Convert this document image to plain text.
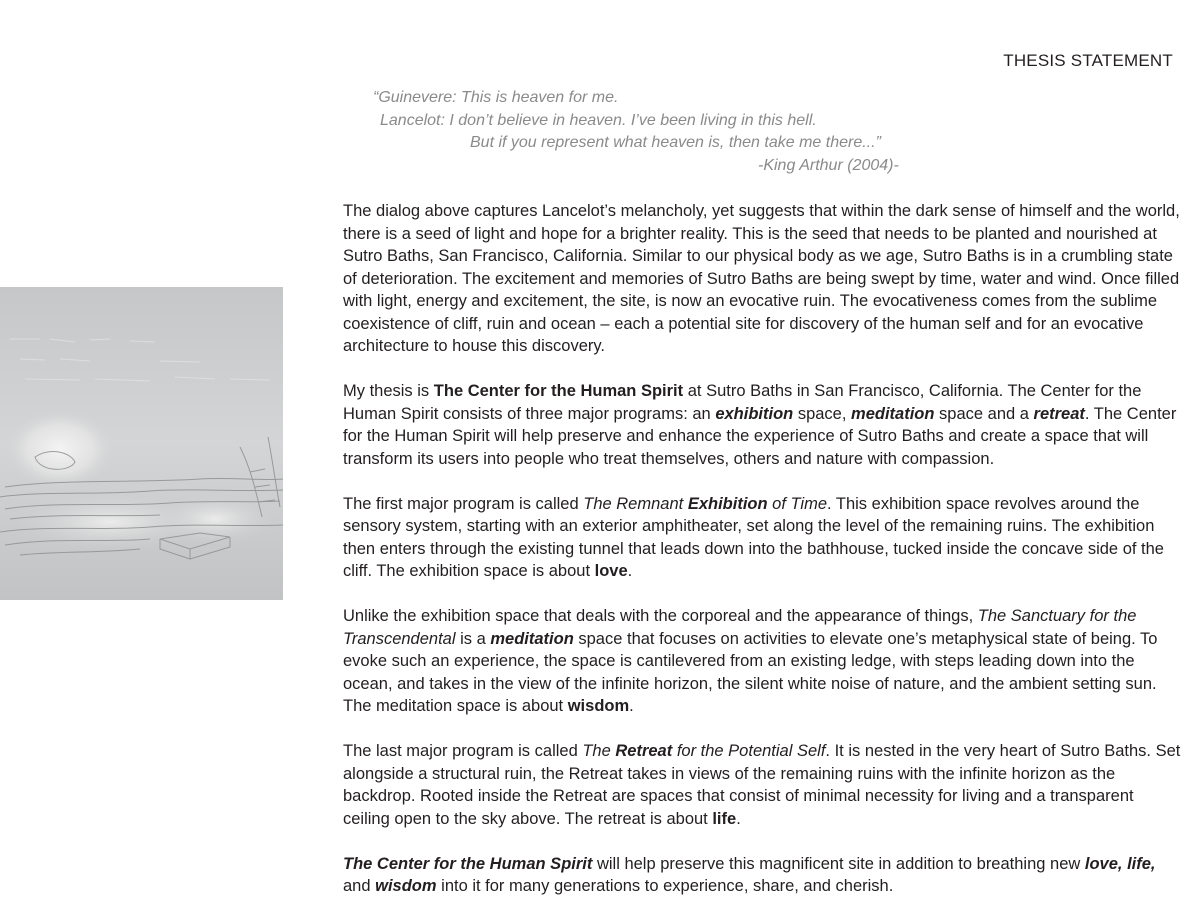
THESIS STATEMENT
“Guinevere: This is heaven for me.
Lancelot: I don’t believe in heaven. I’ve been living in this hell.
But if you represent what heaven is, then take me there...”
-King Arthur (2004)-

The dialog above captures Lancelot’s melancholy, yet suggests that within the dark sense of himself and the world, there is a seed of light and hope for a brighter reality. This is the seed that needs to be planted and nourished at Sutro Baths, San Francisco, California. Similar to our physical body as we age, Sutro Baths is in a crumbling state of deterioration. The excitement and memories of Sutro Baths are being swept by time, water and wind. Once filled with light, energy and excitement, the site, is now an evocative ruin. The evocativeness comes from the sublime coexistence of cliff, ruin and ocean – each a potential site for discovery of the human self and for an evocative architecture to house this discovery.

My thesis is The Center for the Human Spirit at Sutro Baths in San Francisco, California. The Center for the Human Spirit consists of three major programs: an exhibition space, meditation space and a retreat. The Center for the Human Spirit will help preserve and enhance the experience of Sutro Baths and create a space that will transform its users into people who treat themselves, others and nature with compassion.

The first major program is called The Remnant Exhibition of Time. This exhibition space revolves around the sensory system, starting with an exterior amphitheater, set along the level of the remaining ruins. The exhibition then enters through the existing tunnel that leads down into the bathhouse, tucked inside the concave side of the cliff. The exhibition space is about love.

Unlike the exhibition space that deals with the corporeal and the appearance of things, The Sanctuary for the Transcendental is a meditation space that focuses on activities to elevate one’s metaphysical state of being. To evoke such an experience, the space is cantilevered from an existing ledge, with steps leading down into the ocean, and takes in the view of the infinite horizon, the silent white noise of nature, and the ambient setting sun. The meditation space is about wisdom.

The last major program is called The Retreat for the Potential Self. It is nested in the very heart of Sutro Baths. Set alongside a structural ruin, the Retreat takes in views of the remaining ruins with the infinite horizon as the backdrop. Rooted inside the Retreat are spaces that consist of minimal necessity for living and a transparent ceiling open to the sky above. The retreat is about life.

The Center for the Human Spirit will help preserve this magnificent site in addition to breathing new love, life, and wisdom into it for many generations to experience, share, and cherish.
